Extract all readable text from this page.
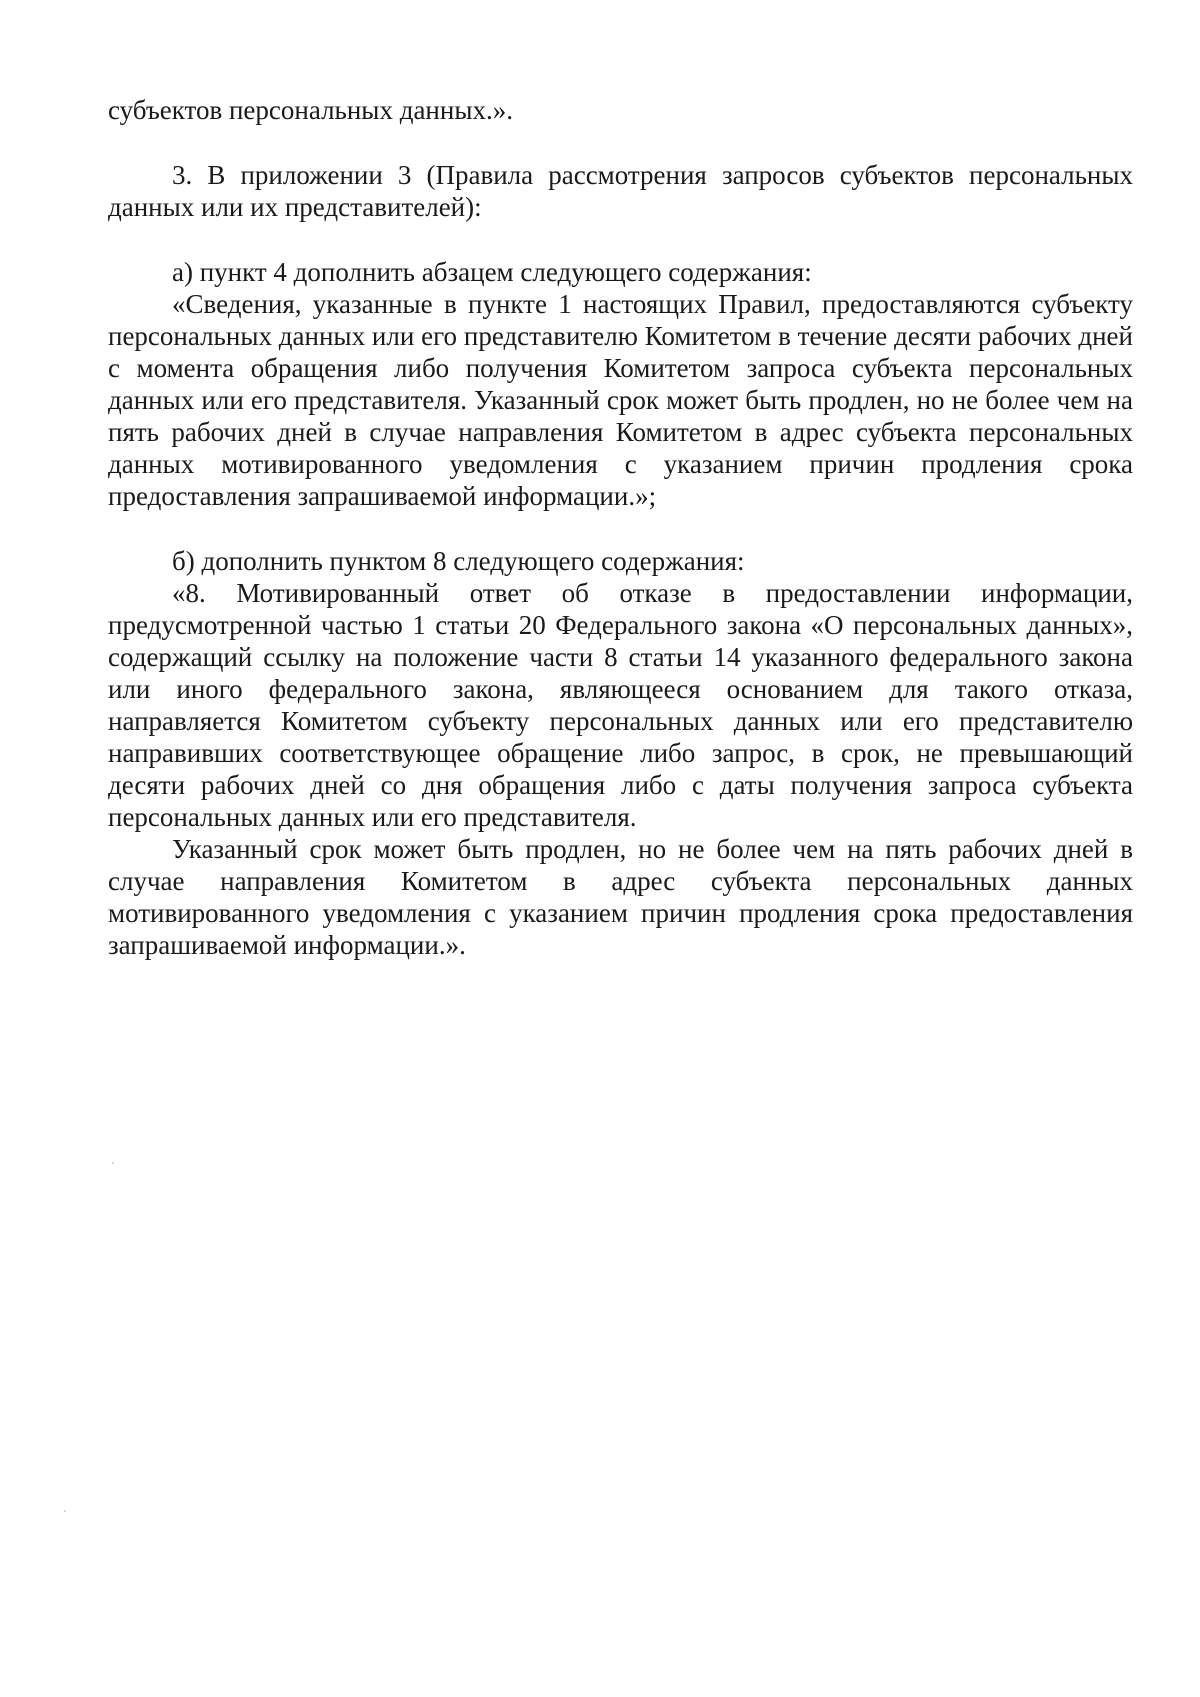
субъектов персональных данных.».

3. В приложении 3 (Правила рассмотрения запросов субъектов персональных данных или их представителей):

а) пункт 4 дополнить абзацем следующего содержания:

«Сведения, указанные в пункте 1 настоящих Правил, предоставляются субъекту персональных данных или его представителю Комитетом в течение десяти рабочих дней с момента обращения либо получения Комитетом запроса субъекта персональных данных или его представителя. Указанный срок может быть продлен, но не более чем на пять рабочих дней в случае направления Комитетом в адрес субъекта персональных данных мотивированного уведомления с указанием причин продления срока предоставления запрашиваемой информации.»;

б) дополнить пунктом 8 следующего содержания:

«8. Мотивированный ответ об отказе в предоставлении информации, предусмотренной частью 1 статьи 20 Федерального закона «О персональных данных», содержащий ссылку на положение части 8 статьи 14 указанного федерального закона или иного федерального закона, являющееся основанием для такого отказа, направляется Комитетом субъекту персональных данных или его представителю направивших соответствующее обращение либо запрос, в срок, не превышающий десяти рабочих дней со дня обращения либо с даты получения запроса субъекта персональных данных или его представителя.

Указанный срок может быть продлен, но не более чем на пять рабочих дней в случае направления Комитетом в адрес субъекта персональных данных мотивированного уведомления с указанием причин продления срока предоставления запрашиваемой информации.».
